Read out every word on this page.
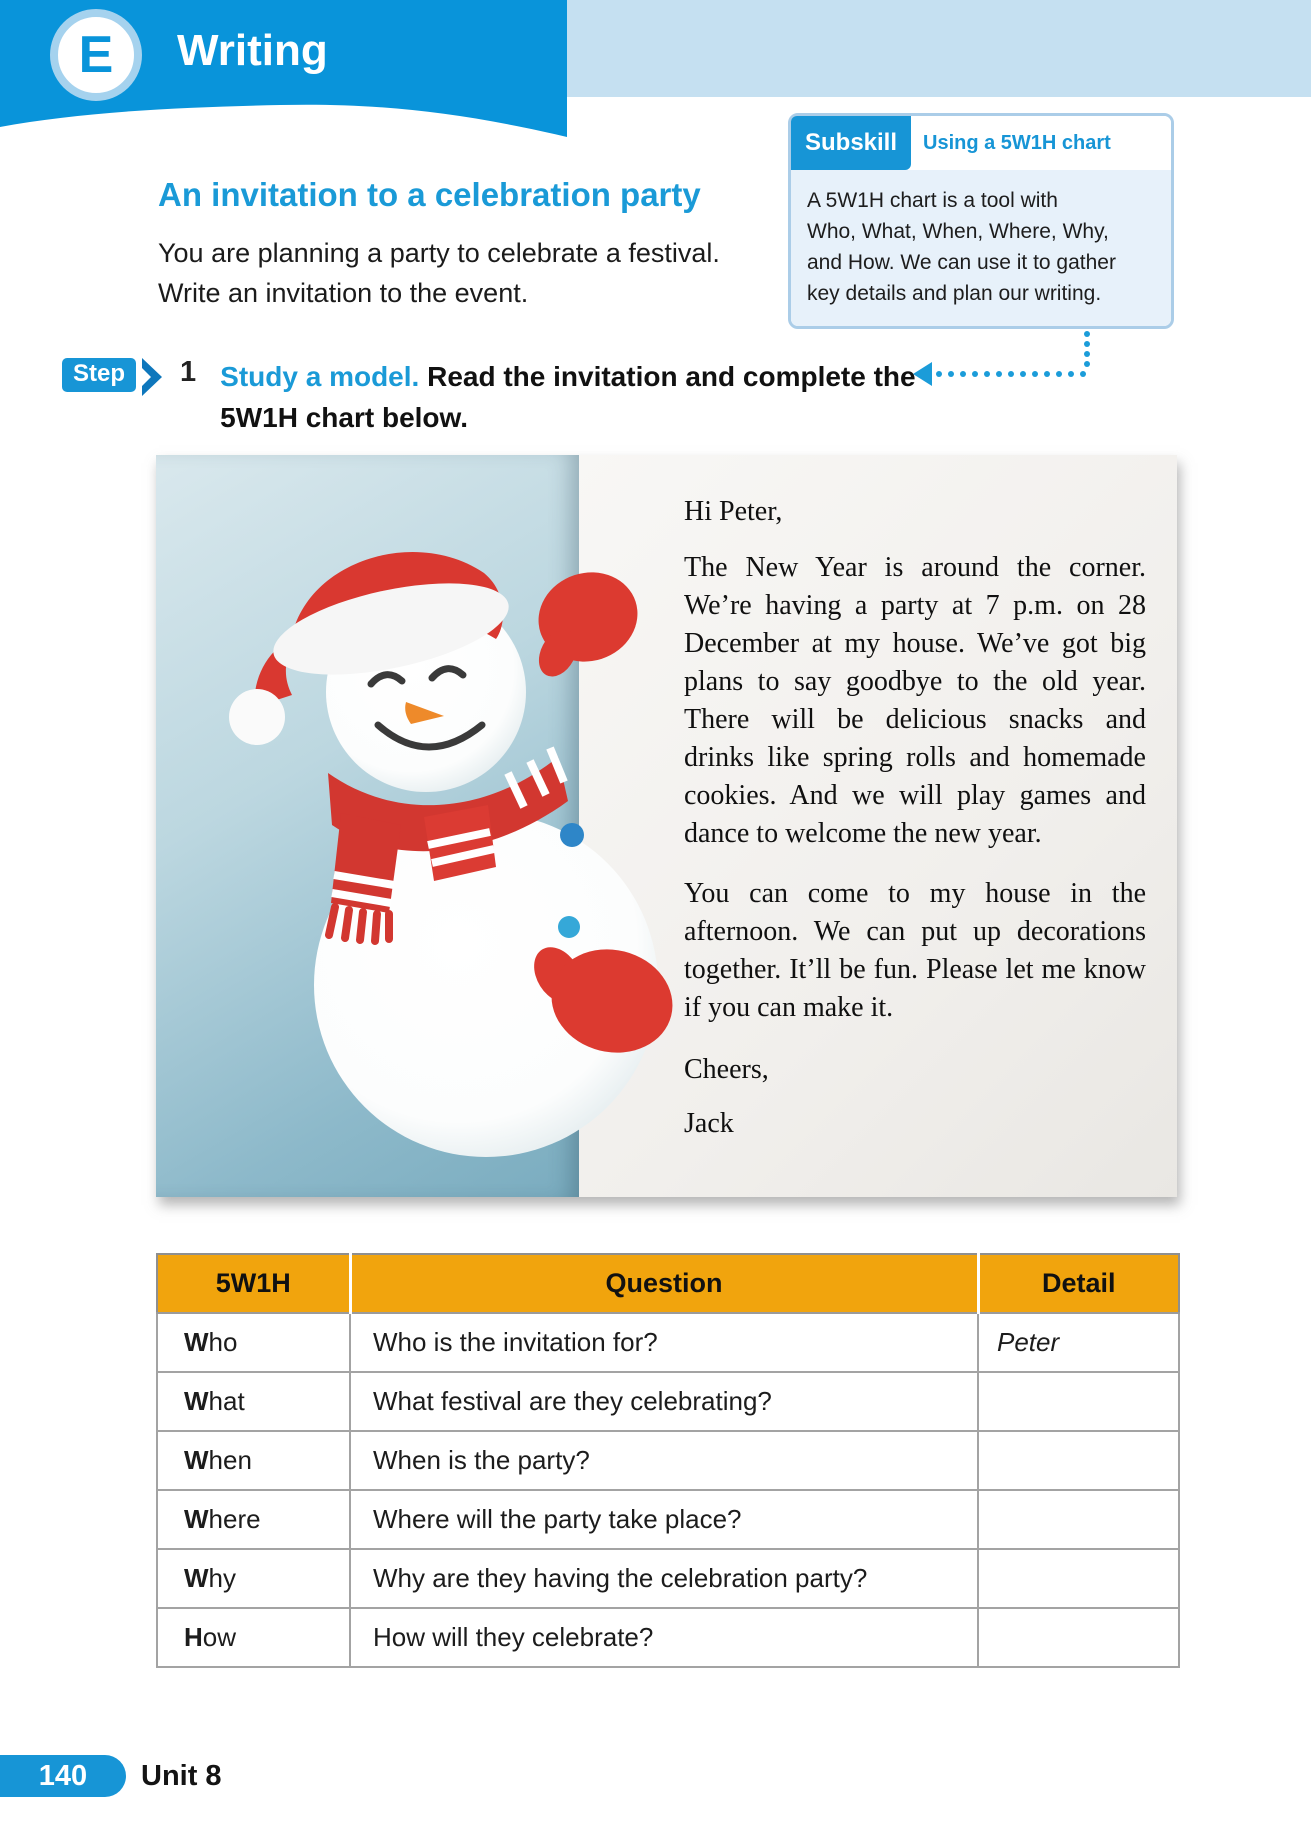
E Writing
An invitation to a celebration party
You are planning a party to celebrate a festival.
Write an invitation to the event.
Subskill	Using a 5W1H chart
A 5W1H chart is a tool with
Who, What, When, Where, Why,
and How. We can use it to gather
key details and plan our writing.
Step	1 Study a model. Read the invitation and complete the
5W1H chart below.
Hi Peter,
The New Year is around the corner. We’re having a party at 7 p.m. on 28 December at my house. We’ve got big plans to say goodbye to the old year. There will be delicious snacks and drinks like spring rolls and homemade cookies. And we will play games and dance to welcome the new year.
You can come to my house in the afternoon. We can put up decorations together. It’ll be fun. Please let me know if you can make it.
Cheers,
Jack
5W1H	Question	Detail
Who	Who is the invitation for?	Peter
What	What festival are they celebrating?	
When	When is the party?	
Where	Where will the party take place?	
Why	Why are they having the celebration party?	
How	How will they celebrate?	
140 Unit 8
